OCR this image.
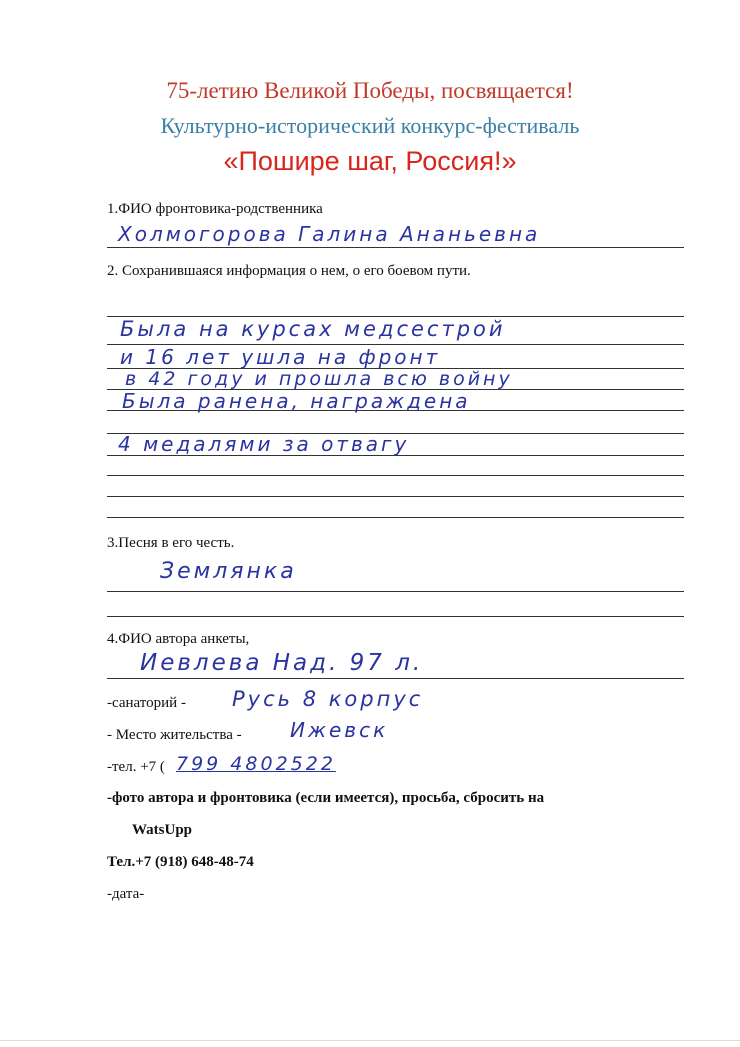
75-летию Великой Победы, посвящается!
Культурно-исторический конкурс-фестиваль
«Пошире шаг, Россия!»
1.ФИО фронтовика-родственника
Холмогорова Галина Ананьевна
2. Сохранившаяся информация о нем, о его боевом пути.
Была на курсах медсестрой
и 16 лет ушла на фронт
в 42 году и прошла всю войну
Была ранена, награждена
4 медалями за отвагу
3.Песня в его честь.
Землянка
4.ФИО автора анкеты,
Иевлева Над. 97 л.
-санаторий - Русь 8 корпус
- Место жительства - Ижевск
-тел. +7 ( 799 4802522
-фото автора и фронтовика (если имеется), просьба, сбросить на
WatsUpp
Тел.+7 (918) 648-48-74
-дата-
